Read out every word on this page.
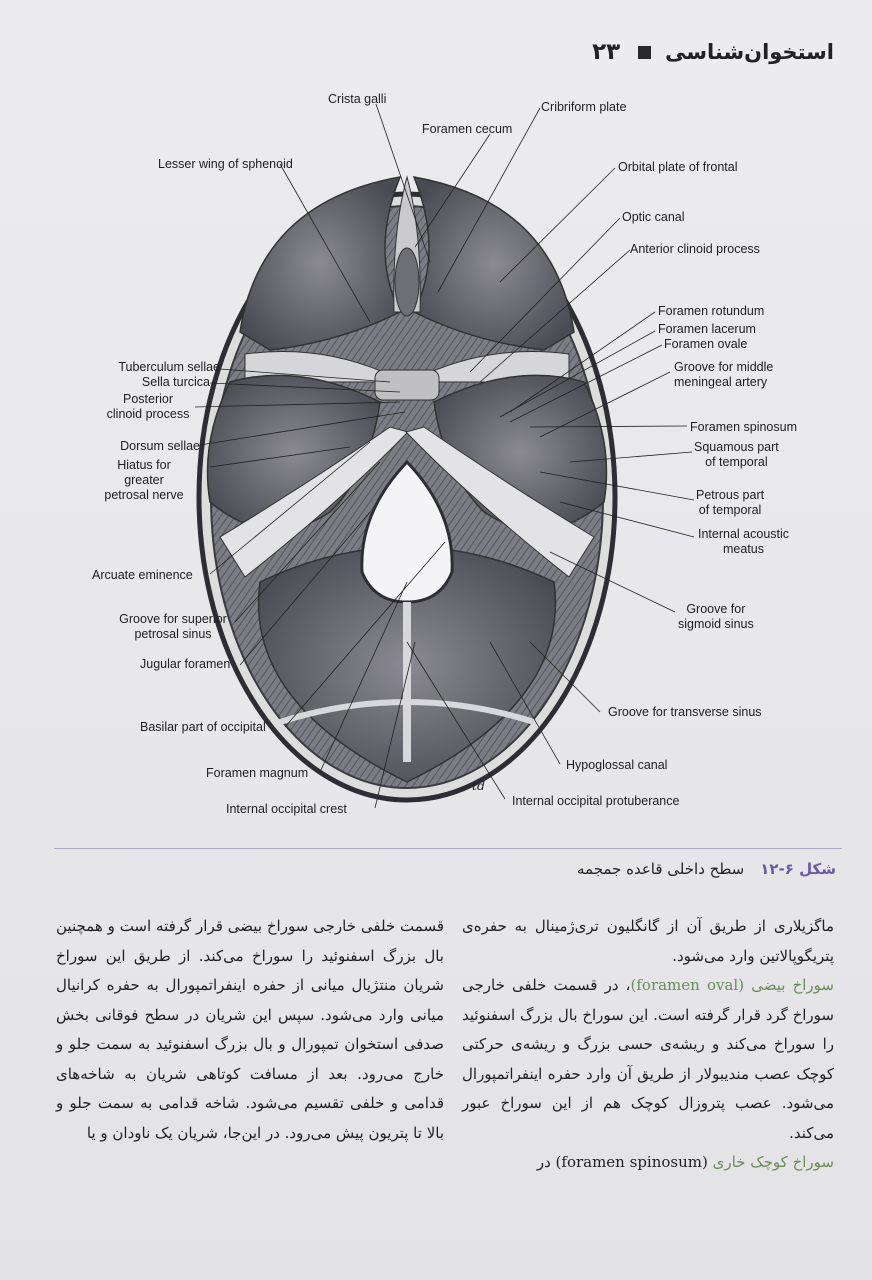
استخوان‌شناسی
۲۳
Crista galli
Cribriform plate
Foramen cecum
Lesser wing of sphenoid	Orbital plate of frontal
Optic canal
Anterior clinoid process
Foramen rotundum
Foramen lacerum
Foramen ovale
Groove for middle
meningeal artery
Tuberculum sellae
Sella turcica
Posterior
clinoid process
Foramen spinosum
Dorsum sellae	Squamous part
of temporal
Hiatus for
greater
petrosal nerve	Petrous part
of temporal
Internal acoustic
meatus
Arcuate eminence
Groove for
sigmoid sinus
Groove for superior
petrosal sinus
Jugular foramen
Groove for transverse sinus
Basilar part of occipital
Hypoglossal canal
Foramen magnum
Internal occipital protuberance
Internal occipital crest
td
شکل ۶-۱۲
سطح داخلی قاعده جمجمه

ماگزیلاری از طریق آن از گانگلیون تری‌ژمینال به حفره‌ی پتریگوپالاتین وارد می‌شود.

سوراخ بیضی (foramen oval)، در قسمت خلفی خارجی سوراخ گرد قرار گرفته است. این سوراخ بال بزرگ اسفنوئید را سوراخ می‌کند و ریشه‌ی حسی بزرگ و ریشه‌ی حرکتی کوچک عصب مندیبولار از طریق آن وارد حفره اینفراتمپورال می‌شود. عصب پتروزال کوچک هم از این سوراخ عبور می‌کند.

سوراخ کوچک خاری (foramen spinosum) در

قسمت خلفی خارجی سوراخ بیضی قرار گرفته است و همچنین بال بزرگ اسفنوئید را سوراخ می‌کند. از طریق این سوراخ شریان منتژیال میانی از حفره اینفراتمپورال به حفره کرانیال میانی وارد می‌شود. سپس این شریان در سطح فوقانی بخش صدفی استخوان تمپورال و بال بزرگ اسفنوئید به سمت جلو و خارج می‌رود. بعد از مسافت کوتاهی شریان به شاخه‌های قدامی و خلفی تقسیم می‌شود. شاخه قدامی به سمت جلو و بالا تا پتریون پیش می‌رود. در این‌جا، شریان یک ناودان و یا
